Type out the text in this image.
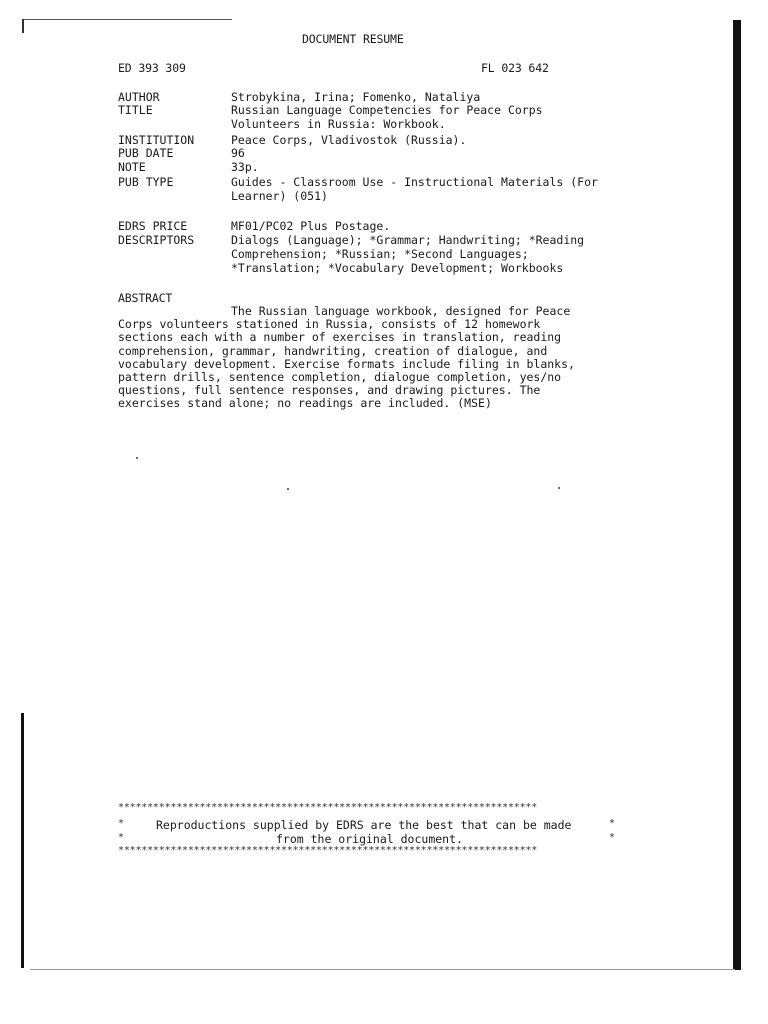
DOCUMENT RESUME
ED 393 309	FL 023 642
AUTHOR	Strobykina, Irina; Fomenko, Nataliya
TITLE	Russian Language Competencies for Peace Corps
Volunteers in Russia: Workbook.
INSTITUTION	Peace Corps, Vladivostok (Russia).
PUB DATE	96
NOTE	33p.
PUB TYPE	Guides - Classroom Use - Instructional Materials (For
Learner) (051)
EDRS PRICE	MF01/PC02 Plus Postage.
DESCRIPTORS	Dialogs (Language); *Grammar; Handwriting; *Reading
Comprehension; *Russian; *Second Languages;
*Translation; *Vocabulary Development; Workbooks
ABSTRACT
The Russian language workbook, designed for Peace
Corps volunteers stationed in Russia, consists of 12 homework
sections each with a number of exercises in translation, reading
comprehension, grammar, handwriting, creation of dialogue, and
vocabulary development. Exercise formats include filing in blanks,
pattern drills, sentence completion, dialogue completion, yes/no
questions, full sentence responses, and drawing pictures. The
exercises stand alone; no readings are included. (MSE)
************************************************************************
*	*
Reproductions supplied by EDRS are the best that can be made
*	*
from the original document.
************************************************************************
